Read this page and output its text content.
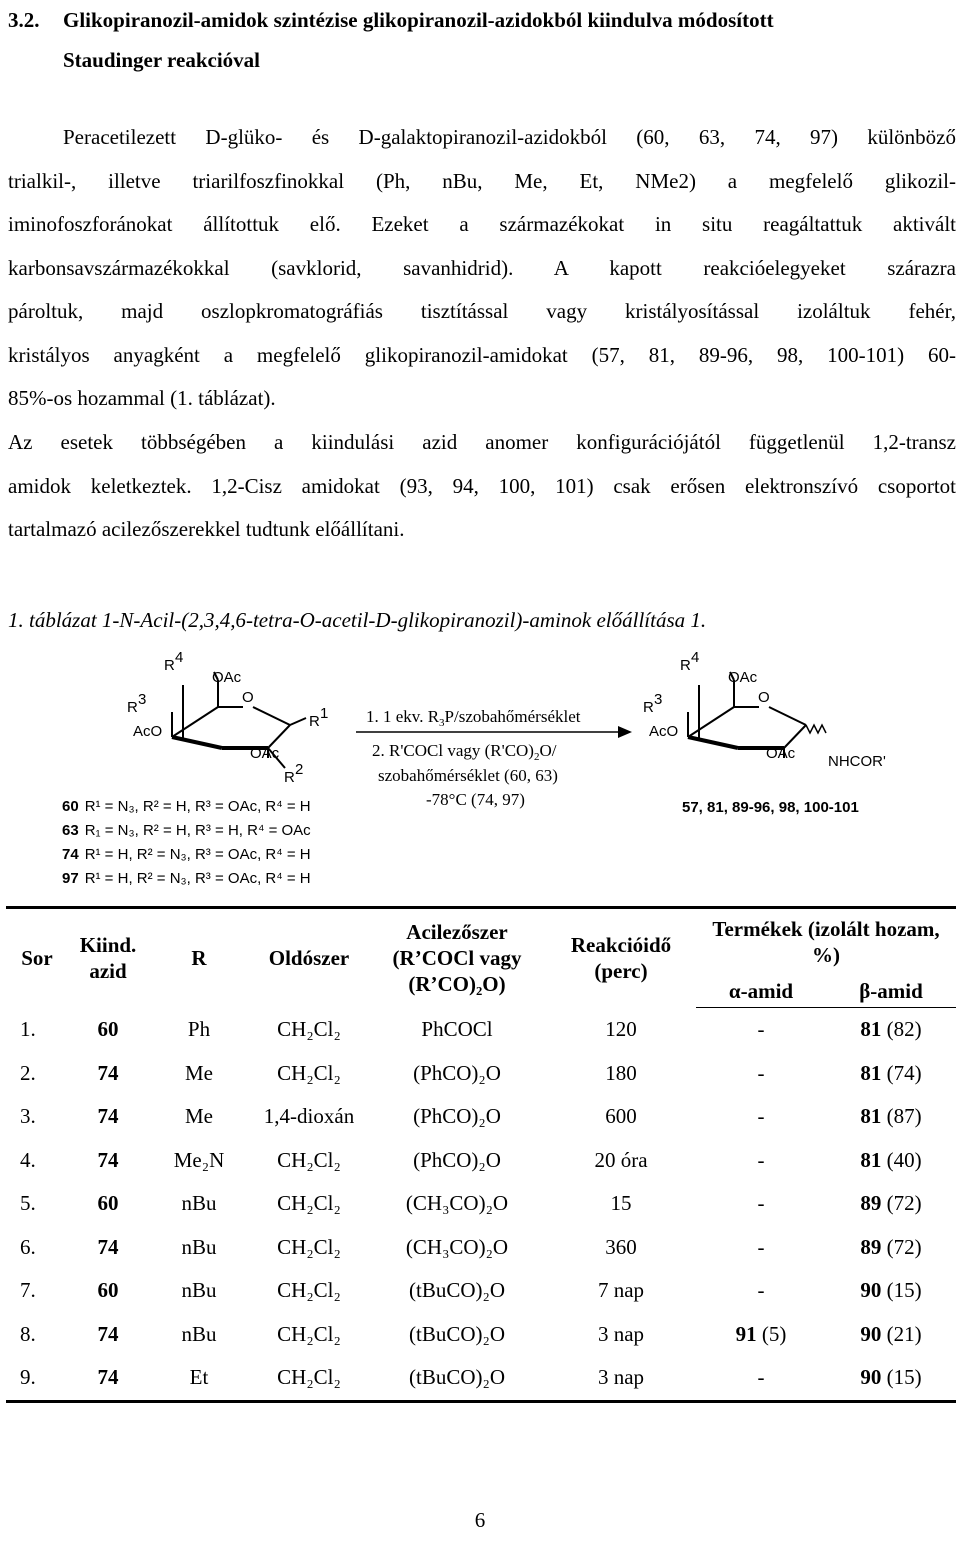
3.2. Glikopiranozil-amidok szintézise glikopiranozil-azidokból kiindulva módosított
Staudinger reakcióval
Peracetilezett D-glüko- és D-galaktopiranozil-azidokból (60, 63, 74, 97) különböző
trialkil-, illetve triarilfoszfinokkal (Ph, nBu, Me, Et, NMe2) a megfelelő glikozil-
iminofoszforánokat állítottuk elő. Ezeket a származékokat in situ reagáltattuk aktivált
karbonsavszármazékokkal (savklorid, savanhidrid). A kapott reakcióelegyeket szárazra
pároltuk, majd oszlopkromatográfiás tisztítással vagy kristályosítással izoláltuk fehér,
kristályos anyagként a megfelelő glikopiranozil-amidokat (57, 81, 89-96, 98, 100-101) 60-
85%-os hozammal (1. táblázat).
Az esetek többségében a kiindulási azid anomer konfigurációjától függetlenül 1,2-transz
amidok keletkeztek. 1,2-Cisz amidokat (93, 94, 100, 101) csak erősen elektronszívó csoportot
tartalmazó acilezőszerekkel tudtunk előállítani.
1. táblázat 1-N-Acil-(2,3,4,6-tetra-O-acetil-D-glikopiranozil)-aminok előállítása 1.
R 4
OAc
O
R 3
AcO
R 1
OAc
R 2
1. 1 ekv. $R_3P$/szobahőmérséklet
2. R'COCl vagy $(R'CO)_2O/$
szobahőmérséklet (60, 63)
-78°C (74, 97)
R 4
OAc
O
R 3
AcO
OAc NHCOR'
57, 81, 89-96, 98, 100-101
60 R¹ = N₃, R² = H, R³ = OAc, R⁴ = H
63 R₁ = N₃, R² = H, R³ = H, R⁴ = OAc
74 R¹ = H, R² = N₃, R³ = OAc, R⁴ = H
97 R¹ = H, R² = N₃, R³ = OAc, R⁴ = H
Sor	Kiind. azid	R	Oldószer	Acilezőszer (R’COCl vagy (R’CO)₂O)	Reakcióidő (perc)	Termékek (izolált hozam, %)	
						α-amid	β-amid
1.	60	Ph	CH₂Cl₂	PhCOCl	120	-	81 (82)
2.	74	Me	CH₂Cl₂	(PhCO)₂O	180	-	81 (74)
3.	74	Me	1,4-dioxán	(PhCO)₂O	600	-	81 (87)
4.	74	Me₂N	CH₂Cl₂	(PhCO)₂O	20 óra	-	81 (40)
5.	60	nBu	CH₂Cl₂	(CH₃CO)₂O	15	-	89 (72)
6.	74	nBu	CH₂Cl₂	(CH₃CO)₂O	360	-	89 (72)
7.	60	nBu	CH₂Cl₂	(tBuCO)₂O	7 nap	-	90 (15)
8.	74	nBu	CH₂Cl₂	(tBuCO)₂O	3 nap	91 (5)	90 (21)
9.	74	Et	CH₂Cl₂	(tBuCO)₂O	3 nap	-	90 (15)
6
